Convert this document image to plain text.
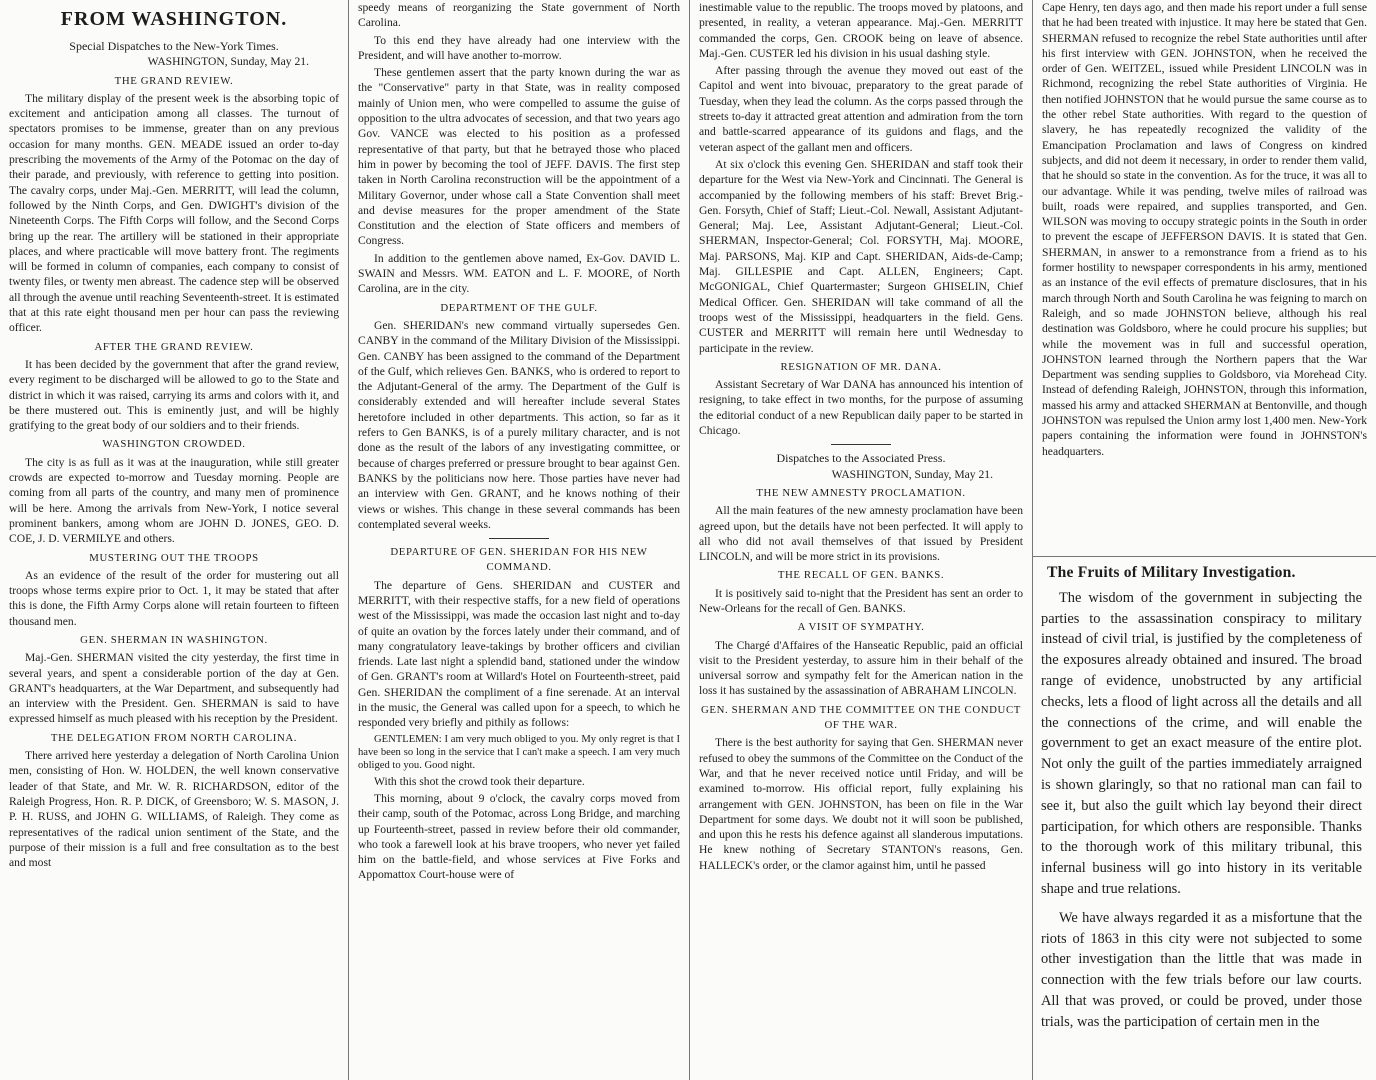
FROM WASHINGTON.
Special Dispatches to the New-York Times.
WASHINGTON, Sunday, May 21.
THE GRAND REVIEW.

The military display of the present week is the absorbing topic of excitement and anticipation among all classes. The turnout of spectators promises to be immense, greater than on any previous occasion for many months. GEN. MEADE issued an order to-day prescribing the movements of the Army of the Potomac on the day of their parade, and previously, with reference to getting into position. The cavalry corps, under Maj.-Gen. MERRITT, will lead the column, followed by the Ninth Corps, and Gen. DWIGHT's division of the Nineteenth Corps. The Fifth Corps will follow, and the Second Corps bring up the rear. The artillery will be stationed in their appropriate places, and where practicable will move battery front. The regiments will be formed in column of companies, each company to consist of twenty files, or twenty men abreast. The cadence step will be observed all through the avenue until reaching Seventeenth-street. It is estimated that at this rate eight thousand men per hour can pass the reviewing officer.

AFTER THE GRAND REVIEW.

It has been decided by the government that after the grand review, every regiment to be discharged will be allowed to go to the State and district in which it was raised, carrying its arms and colors with it, and be there mustered out. This is eminently just, and will be highly gratifying to the great body of our soldiers and to their friends.

WASHINGTON CROWDED.

The city is as full as it was at the inauguration, while still greater crowds are expected to-morrow and Tuesday morning. People are coming from all parts of the country, and many men of prominence will be here. Among the arrivals from New-York, I notice several prominent bankers, among whom are JOHN D. JONES, GEO. D. COE, J. D. VERMILYE and others.

MUSTERING OUT THE TROOPS

As an evidence of the result of the order for mustering out all troops whose terms expire prior to Oct. 1, it may be stated that after this is done, the Fifth Army Corps alone will retain fourteen to fifteen thousand men.

GEN. SHERMAN IN WASHINGTON.

Maj.-Gen. SHERMAN visited the city yesterday, the first time in several years, and spent a considerable portion of the day at Gen. GRANT's headquarters, at the War Department, and subsequently had an interview with the President. Gen. SHERMAN is said to have expressed himself as much pleased with his reception by the President.

THE DELEGATION FROM NORTH CAROLINA.

There arrived here yesterday a delegation of North Carolina Union men, consisting of Hon. W. HOLDEN, the well known conservative leader of that State, and Mr. W. R. RICHARDSON, editor of the Raleigh Progress, Hon. R. P. DICK, of Greensboro; W. S. MASON, J. P. H. RUSS, and JOHN G. WILLIAMS, of Raleigh. They come as representatives of the radical union sentiment of the State, and the purpose of their mission is a full and free consultation as to the best and most

speedy means of reorganizing the State government of North Carolina.

To this end they have already had one interview with the President, and will have another to-morrow.

These gentlemen assert that the party known during the war as the "Conservative" party in that State, was in reality composed mainly of Union men, who were compelled to assume the guise of opposition to the ultra advocates of secession, and that two years ago Gov. VANCE was elected to his position as a professed representative of that party, but that he betrayed those who placed him in power by becoming the tool of JEFF. DAVIS. The first step taken in North Carolina reconstruction will be the appointment of a Military Governor, under whose call a State Convention shall meet and devise measures for the proper amendment of the State Constitution and the election of State officers and members of Congress.

In addition to the gentlemen above named, Ex-Gov. DAVID L. SWAIN and Messrs. WM. EATON and L. F. MOORE, of North Carolina, are in the city.

DEPARTMENT OF THE GULF.

Gen. SHERIDAN's new command virtually supersedes Gen. CANBY in the command of the Military Division of the Mississippi. Gen. CANBY has been assigned to the command of the Department of the Gulf, which relieves Gen. BANKS, who is ordered to report to the Adjutant-General of the army. The Department of the Gulf is considerably extended and will hereafter include several States heretofore included in other departments. This action, so far as it refers to Gen BANKS, is of a purely military character, and is not done as the result of the labors of any investigating committee, or because of charges preferred or pressure brought to bear against Gen. BANKS by the politicians now here. Those parties have never had an interview with Gen. GRANT, and he knows nothing of their views or wishes. This change in these several commands has been contemplated several weeks.

DEPARTURE OF GEN. SHERIDAN FOR HIS NEW COMMAND.

The departure of Gens. SHERIDAN and CUSTER and MERRITT, with their respective staffs, for a new field of operations west of the Mississippi, was made the occasion last night and to-day of quite an ovation by the forces lately under their command, and of many congratulatory leave-takings by brother officers and civilian friends. Late last night a splendid band, stationed under the window of Gen. GRANT's room at Willard's Hotel on Fourteenth-street, paid Gen. SHERIDAN the compliment of a fine serenade. At an interval in the music, the General was called upon for a speech, to which he responded very briefly and pithily as follows:

GENTLEMEN: I am very much obliged to you. My only regret is that I have been so long in the service that I can't make a speech. I am very much obliged to you. Good night.

With this shot the crowd took their departure.

This morning, about 9 o'clock, the cavalry corps moved from their camp, south of the Potomac, across Long Bridge, and marching up Fourteenth-street, passed in review before their old commander, who took a farewell look at his brave troopers, who never yet failed him on the battle-field, and whose services at Five Forks and Appomattox Court-house were of

inestimable value to the republic. The troops moved by platoons, and presented, in reality, a veteran appearance. Maj.-Gen. MERRITT commanded the corps, Gen. CROOK being on leave of absence. Maj.-Gen. CUSTER led his division in his usual dashing style.

After passing through the avenue they moved out east of the Capitol and went into bivouac, preparatory to the great parade of Tuesday, when they lead the column. As the corps passed through the streets to-day it attracted great attention and admiration from the torn and battle-scarred appearance of its guidons and flags, and the veteran aspect of the gallant men and officers.

At six o'clock this evening Gen. SHERIDAN and staff took their departure for the West via New-York and Cincinnati. The General is accompanied by the following members of his staff: Brevet Brig.-Gen. Forsyth, Chief of Staff; Lieut.-Col. Newall, Assistant Adjutant-General; Maj. Lee, Assistant Adjutant-General; Lieut.-Col. SHERMAN, Inspector-General; Col. FORSYTH, Maj. MOORE, Maj. PARSONS, Maj. KIP and Capt. SHERIDAN, Aids-de-Camp; Maj. GILLESPIE and Capt. ALLEN, Engineers; Capt. McGONIGAL, Chief Quartermaster; Surgeon GHISELIN, Chief Medical Officer. Gen. SHERIDAN will take command of all the troops west of the Mississippi, headquarters in the field. Gens. CUSTER and MERRITT will remain here until Wednesday to participate in the review.

RESIGNATION OF MR. DANA.

Assistant Secretary of War DANA has announced his intention of resigning, to take effect in two months, for the purpose of assuming the editorial conduct of a new Republican daily paper to be started in Chicago.

Dispatches to the Associated Press.
WASHINGTON, Sunday, May 21.
THE NEW AMNESTY PROCLAMATION.

All the main features of the new amnesty proclamation have been agreed upon, but the details have not been perfected. It will apply to all who did not avail themselves of that issued by President LINCOLN, and will be more strict in its provisions.

THE RECALL OF GEN. BANKS.

It is positively said to-night that the President has sent an order to New-Orleans for the recall of Gen. BANKS.

A VISIT OF SYMPATHY.

The Chargé d'Affaires of the Hanseatic Republic, paid an official visit to the President yesterday, to assure him in their behalf of the universal sorrow and sympathy felt for the American nation in the loss it has sustained by the assassination of ABRAHAM LINCOLN.

GEN. SHERMAN AND THE COMMITTEE ON THE CONDUCT OF THE WAR.

There is the best authority for saying that Gen. SHERMAN never refused to obey the summons of the Committee on the Conduct of the War, and that he never received notice until Friday, and will be examined to-morrow. His official report, fully explaining his arrangement with GEN. JOHNSTON, has been on file in the War Department for some days. We doubt not it will soon be published, and upon this he rests his defence against all slanderous imputations. He knew nothing of Secretary STANTON's reasons, Gen. HALLECK's order, or the clamor against him, until he passed

Cape Henry, ten days ago, and then made his report under a full sense that he had been treated with injustice. It may here be stated that Gen. SHERMAN refused to recognize the rebel State authorities until after his first interview with GEN. JOHNSTON, when he received the order of Gen. WEITZEL, issued while President LINCOLN was in Richmond, recognizing the rebel State authorities of Virginia. He then notified JOHNSTON that he would pursue the same course as to the other rebel State authorities. With regard to the question of slavery, he has repeatedly recognized the validity of the Emancipation Proclamation and laws of Congress on kindred subjects, and did not deem it necessary, in order to render them valid, that he should so state in the convention. As for the truce, it was all to our advantage. While it was pending, twelve miles of railroad was built, roads were repaired, and supplies transported, and Gen. WILSON was moving to occupy strategic points in the South in order to prevent the escape of JEFFERSON DAVIS. It is stated that Gen. SHERMAN, in answer to a remonstrance from a friend as to his former hostility to newspaper correspondents in his army, mentioned as an instance of the evil effects of premature disclosures, that in his march through North and South Carolina he was feigning to march on Raleigh, and so made JOHNSTON believe, although his real destination was Goldsboro, where he could procure his supplies; but while the movement was in full and successful operation, JOHNSTON learned through the Northern papers that the War Department was sending supplies to Goldsboro, via Morehead City. Instead of defending Raleigh, JOHNSTON, through this information, massed his army and attacked SHERMAN at Bentonville, and though JOHNSTON was repulsed the Union army lost 1,400 men. New-York papers containing the information were found in JOHNSTON's headquarters.

The Fruits of Military Investigation.

The wisdom of the government in subjecting the parties to the assassination conspiracy to military instead of civil trial, is justified by the completeness of the exposures already obtained and insured. The broad range of evidence, unobstructed by any artificial checks, lets a flood of light across all the details and all the connections of the crime, and will enable the government to get an exact measure of the entire plot. Not only the guilt of the parties immediately arraigned is shown glaringly, so that no rational man can fail to see it, but also the guilt which lay beyond their direct participation, for which others are responsible. Thanks to the thorough work of this military tribunal, this infernal business will go into history in its veritable shape and true relations.

We have always regarded it as a misfortune that the riots of 1863 in this city were not subjected to some other investigation than the little that was made in connection with the few trials before our law courts. All that was proved, or could be proved, under those trials, was the participation of certain men in the
